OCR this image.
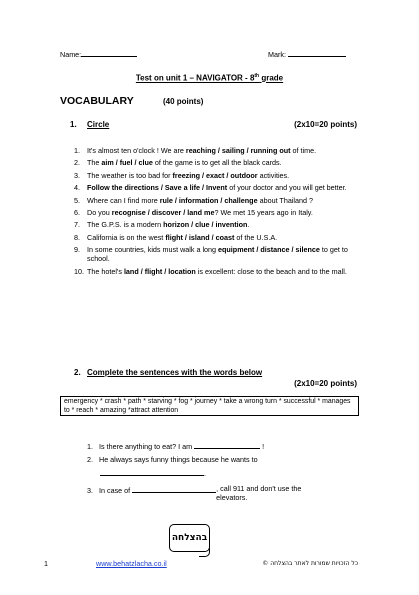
Name:	Mark:
Test on unit 1 – NAVIGATOR - 8th grade
VOCABULARY	(40 points)
1. Circle	(2x10=20 points)
1. It's almost ten o'clock ! We are reaching / sailing / running out of time.
2. The aim / fuel / clue of the game is to get all the black cards.
3. The weather is too bad for freezing / exact / outdoor activities.
4. Follow the directions / Save a life / Invent of your doctor and you will get better.
5. Where can I find more rule / information / challenge about Thailand ?
6. Do you recognise / discover / land me? We met 15 years ago in Italy.
7. The G.P.S. is a modern horizon / clue / invention.
8. California is on the west flight / island / coast of the U.S.A.
9. In some countries, kids must walk a long equipment / distance / silence to get to school.
10. The hotel's land / flight / location is excellent: close to the beach and to the mall.
2. Complete the sentences with the words below
(2x10=20 points)
emergency * crash * path * starving * fog * journey * take a wrong turn * successful * manages to * reach * amazing *attract attention
1. Is there anything to eat? I am	!
2. He always says funny things because he wants to
.
3. In case of	, call 911 and don't use the elevators.
בהצלחה
1	www.behatzlacha.co.il	כל הזכויות שמורות לאתר בהצלחה ©
